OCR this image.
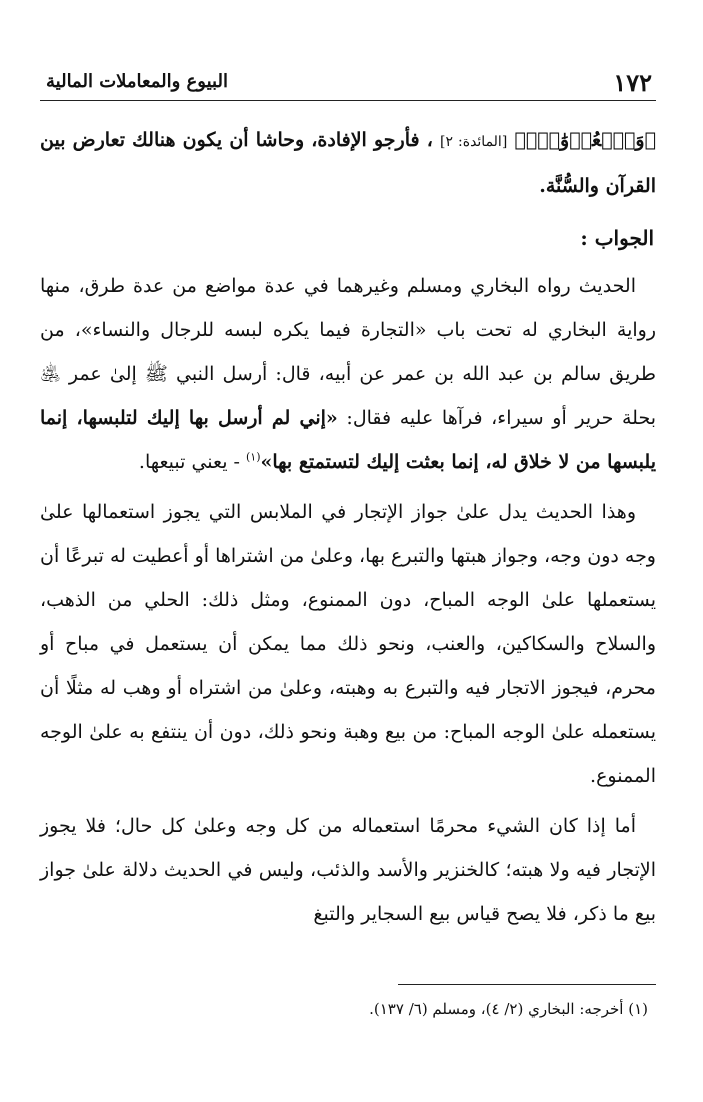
١٧٢
البيوع والمعاملات المالية

﴿وَٱلۡعُدۡوَٰنِۚ﴾ [المائدة: ٢] ، فأرجو الإفادة، وحاشا أن يكون هنالك تعارض بين القرآن والسُّنَّة.

الجواب :

الحديث رواه البخاري ومسلم وغيرهما في عدة مواضع من عدة طرق، منها رواية البخاري له تحت باب «التجارة فيما يكره لبسه للرجال والنساء»، من طريق سالم بن عبد الله بن عمر عن أبيه، قال: أرسل النبي ﷺ إلىٰ عمر ﵁ بحلة حرير أو سيراء، فرآها عليه فقال: «إني لم أرسل بها إليك لتلبسها، إنما يلبسها من لا خلاق له، إنما بعثت إليك لتستمتع بها»$^{(١)}$ - يعني تبيعها.

وهذا الحديث يدل علىٰ جواز الإتجار في الملابس التي يجوز استعمالها علىٰ وجه دون وجه، وجواز هبتها والتبرع بها، وعلىٰ من اشتراها أو أعطيت له تبرعًا أن يستعملها علىٰ الوجه المباح، دون الممنوع، ومثل ذلك: الحلي من الذهب، والسلاح والسكاكين، والعنب، ونحو ذلك مما يمكن أن يستعمل في مباح أو محرم، فيجوز الاتجار فيه والتبرع به وهبته، وعلىٰ من اشتراه أو وهب له مثلًا أن يستعمله علىٰ الوجه المباح: من بيع وهبة ونحو ذلك، دون أن ينتفع به علىٰ الوجه الممنوع.

أما إذا كان الشيء محرمًا استعماله من كل وجه وعلىٰ كل حال؛ فلا يجوز الإتجار فيه ولا هبته؛ كالخنزير والأسد والذئب، وليس في الحديث دلالة علىٰ جواز بيع ما ذكر، فلا يصح قياس بيع السجاير والتبغ

(١) أخرجه: البخاري (٢/ ٤)، ومسلم (٦/ ١٣٧).
